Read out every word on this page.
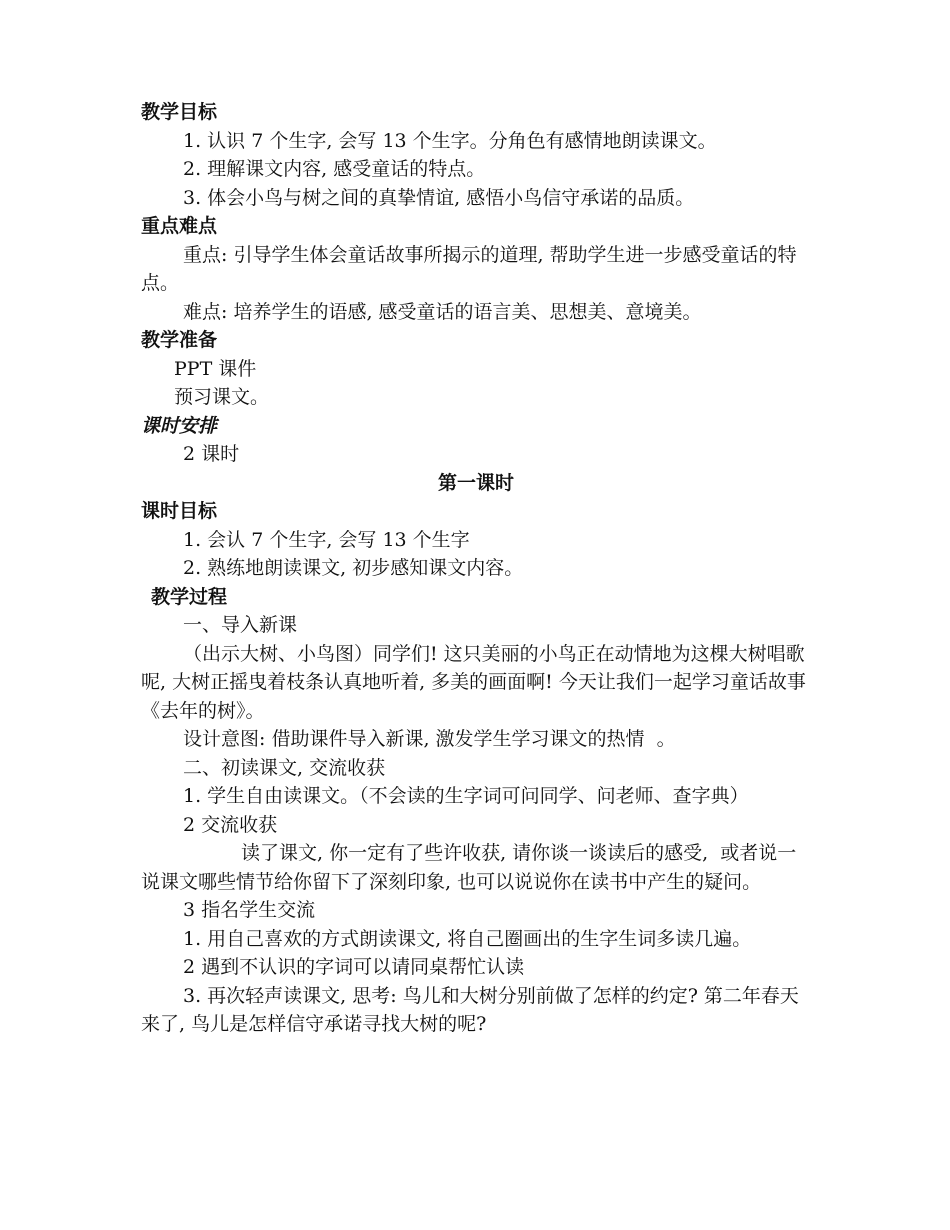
教学目标

1. 认识 7 个生字, 会写 13 个生字。分角色有感情地朗读课文。

2. 理解课文内容, 感受童话的特点。

3. 体会小鸟与树之间的真挚情谊, 感悟小鸟信守承诺的品质。

重点难点

重点: 引导学生体会童话故事所揭示的道理, 帮助学生进一步感受童话的特点。

难点: 培养学生的语感, 感受童话的语言美、思想美、意境美。

教学准备

PPT 课件

预习课文。

课时安排

2 课时

第一课时

课时目标

1. 会认 7 个生字, 会写 13 个生字

2. 熟练地朗读课文, 初步感知课文内容。

教学过程

一、导入新课

（出示大树、小鸟图）同学们! 这只美丽的小鸟正在动情地为这棵大树唱歌呢, 大树正摇曳着枝条认真地听着, 多美的画面啊! 今天让我们一起学习童话故事《去年的树》。

设计意图: 借助课件导入新课, 激发学生学习课文的热情  。

二、初读课文, 交流收获

1. 学生自由读课文。（不会读的生字词可问同学、问老师、查字典）

2 交流收获

读了课文, 你一定有了些许收获, 请你谈一谈读后的感受,  或者说一说课文哪些情节给你留下了深刻印象, 也可以说说你在读书中产生的疑问。

3 指名学生交流

1. 用自己喜欢的方式朗读课文, 将自己圈画出的生字生词多读几遍。

2 遇到不认识的字词可以请同桌帮忙认读

3. 再次轻声读课文, 思考: 鸟儿和大树分别前做了怎样的约定? 第二年春天来了, 鸟儿是怎样信守承诺寻找大树的呢?
